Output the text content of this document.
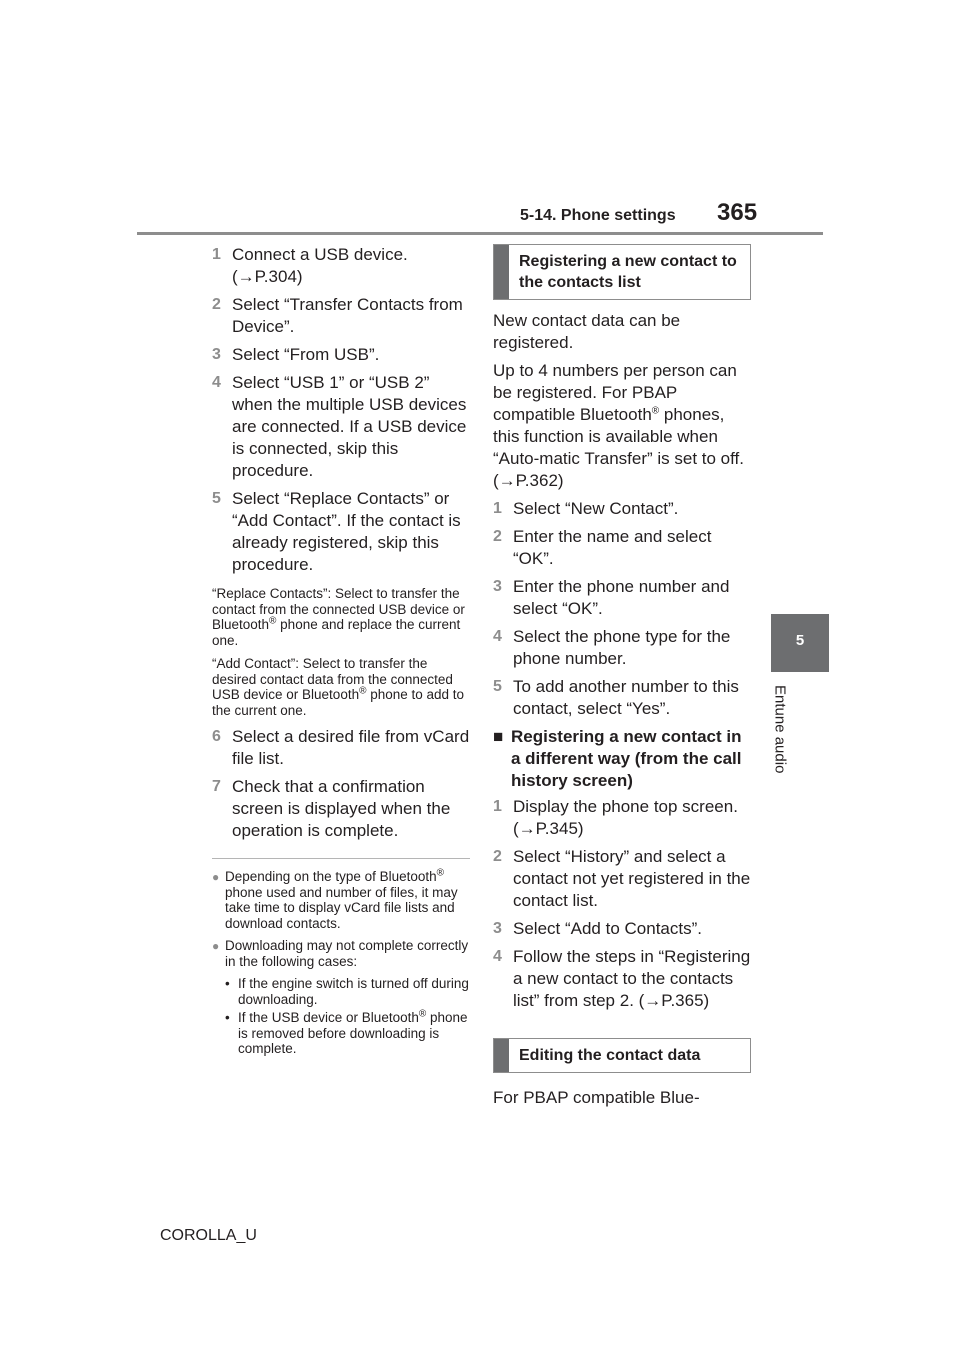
5-14. Phone settings 365
5
Entune audio
1 Connect a USB device. (→P.304)
2 Select “Transfer Contacts from Device”.
3 Select “From USB”.
4 Select “USB 1” or “USB 2” when the multiple USB devices are connected. If a USB device is connected, skip this procedure.
5 Select “Replace Contacts” or “Add Contact”. If the contact is already registered, skip this procedure.

“Replace Contacts”: Select to transfer the contact from the connected USB device or Bluetooth® phone and replace the current one.

“Add Contact”: Select to transfer the desired contact data from the connected USB device or Bluetooth® phone to add to the current one.

6 Select a desired file from vCard file list.
7 Check that a confirmation screen is displayed when the operation is complete.
● Depending on the type of Bluetooth® phone used and number of files, it may take time to display vCard file lists and download contacts.
● Downloading may not complete correctly in the following cases:
• If the engine switch is turned off during downloading.
• If the USB device or Bluetooth® phone is removed before downloading is complete.
Registering a new contact to the contacts list

New contact data can be registered.

Up to 4 numbers per person can be registered. For PBAP compatible Bluetooth® phones, this function is available when “Auto-matic Transfer” is set to off. (→P.362)

1 Select “New Contact”.
2 Enter the name and select “OK”.
3 Enter the phone number and select “OK”.
4 Select the phone type for the phone number.
5 To add another number to this contact, select “Yes”.
■ Registering a new contact in a different way (from the call history screen)
1 Display the phone top screen. (→P.345)
2 Select “History” and select a contact not yet registered in the contact list.
3 Select “Add to Contacts”.
4 Follow the steps in “Registering a new contact to the contacts list” from step 2. (→P.365)
Editing the contact data

For PBAP compatible Blue-

COROLLA_U
